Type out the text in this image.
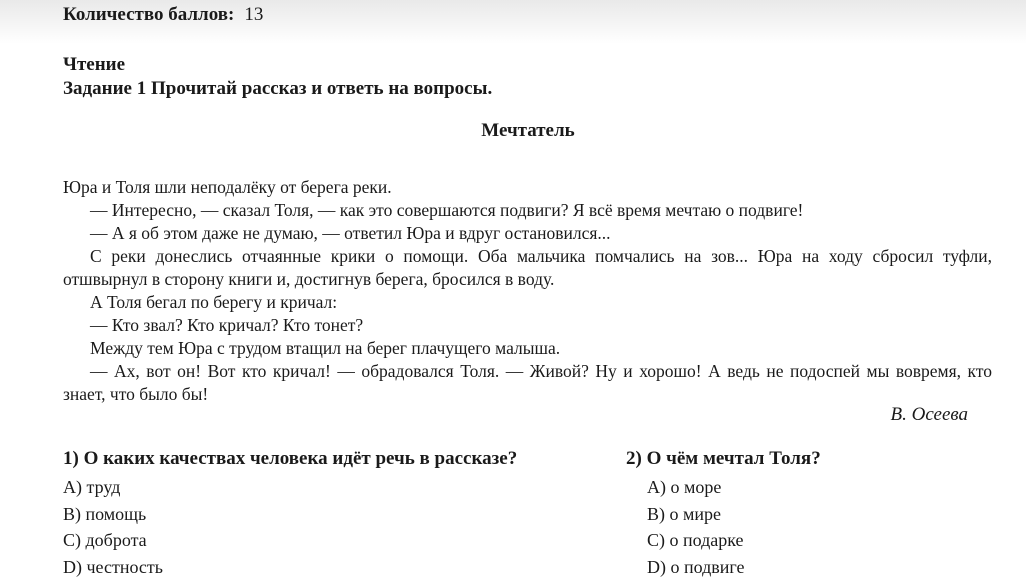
Количество баллов: 13
Чтение
Задание 1 Прочитай рассказ и ответь на вопросы.
Мечтатель

Юра и Толя шли неподалёку от берега реки.

— Интересно, — сказал Толя, — как это совершаются подвиги? Я всё время мечтаю о подвиге!

— А я об этом даже не думаю, — ответил Юра и вдруг остановился...

С реки донеслись отчаянные крики о помощи. Оба мальчика помчались на зов... Юра на ходу сбросил туфли, отшвырнул в сторону книги и, достигнув берега, бросился в воду.

А Толя бегал по берегу и кричал:

— Кто звал? Кто кричал? Кто тонет?

Между тем Юра с трудом втащил на берег плачущего малыша.

— Ах, вот он! Вот кто кричал! — обрадовался Толя. — Живой? Ну и хорошо! А ведь не подоспей мы вовремя, кто знает, что было бы!

В. Осеева
1) О каких качествах человека идёт речь в рассказе?	2) О чём мечтал Толя?
A) труд
B) помощь
C) доброта
D) честность
A) о море
B) о мире
C) о подарке
D) о подвиге
